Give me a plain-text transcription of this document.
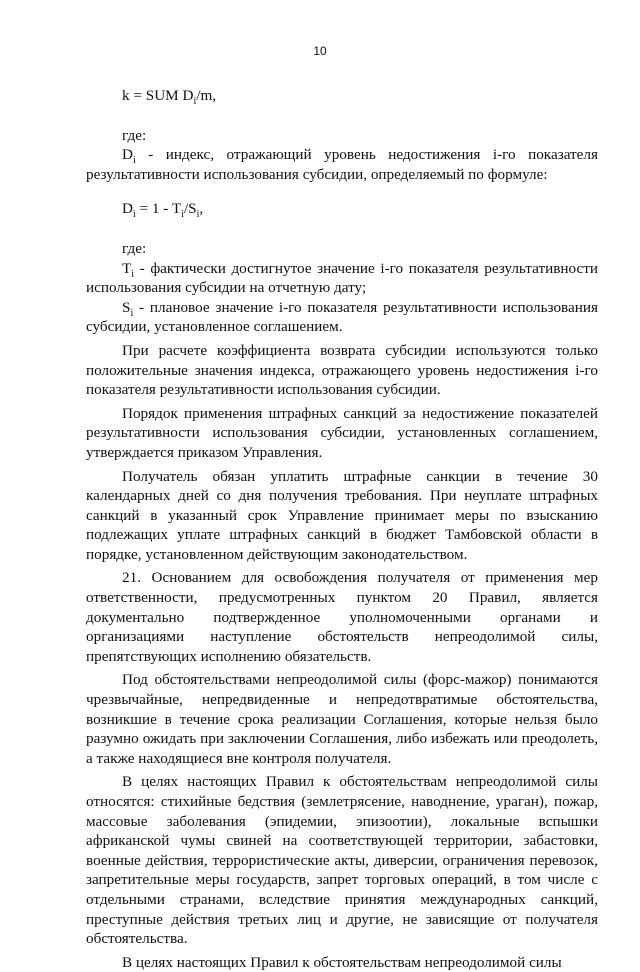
10

k = SUM $D_i/m$,

где:

$D_i$ - индекс, отражающий уровень недостижения i-го показателя результативности использования субсидии, определяемый по формуле:

$D_i = 1 - T_i/S_i$,

где:

$T_i$ - фактически достигнутое значение i-го показателя результативности использования субсидии на отчетную дату;

$S_i$ - плановое значение i-го показателя результативности использования субсидии, установленное соглашением.

При расчете коэффициента возврата субсидии используются только положительные значения индекса, отражающего уровень недостижения i-го показателя результативности использования субсидии.

Порядок применения штрафных санкций за недостижение показателей результативности использования субсидии, установленных соглашением, утверждается приказом Управления.

Получатель обязан уплатить штрафные санкции в течение 30 календарных дней со дня получения требования. При неуплате штрафных санкций в указанный срок Управление принимает меры по взысканию подлежащих уплате штрафных санкций в бюджет Тамбовской области в порядке, установленном действующим законодательством.

21. Основанием для освобождения получателя от применения мер ответственности, предусмотренных пунктом 20 Правил, является документально подтвержденное уполномоченными органами и организациями наступление обстоятельств непреодолимой силы, препятствующих исполнению обязательств.

Под обстоятельствами непреодолимой силы (форс-мажор) понимаются чрезвычайные, непредвиденные и непредотвратимые обстоятельства, возникшие в течение срока реализации Соглашения, которые нельзя было разумно ожидать при заключении Соглашения, либо избежать или преодолеть, а также находящиеся вне контроля получателя.

В целях настоящих Правил к обстоятельствам непреодолимой силы относятся: стихийные бедствия (землетрясение, наводнение, ураган), пожар, массовые заболевания (эпидемии, эпизоотии), локальные вспышки африканской чумы свиней на соответствующей территории, забастовки, военные действия, террористические акты, диверсии, ограничения перевозок, запретительные меры государств, запрет торговых операций, в том числе с отдельными странами, вследствие принятия международных санкций, преступные действия третьих лиц и другие, не зависящие от получателя обстоятельства.

В целях настоящих Правил к обстоятельствам непреодолимой силы
